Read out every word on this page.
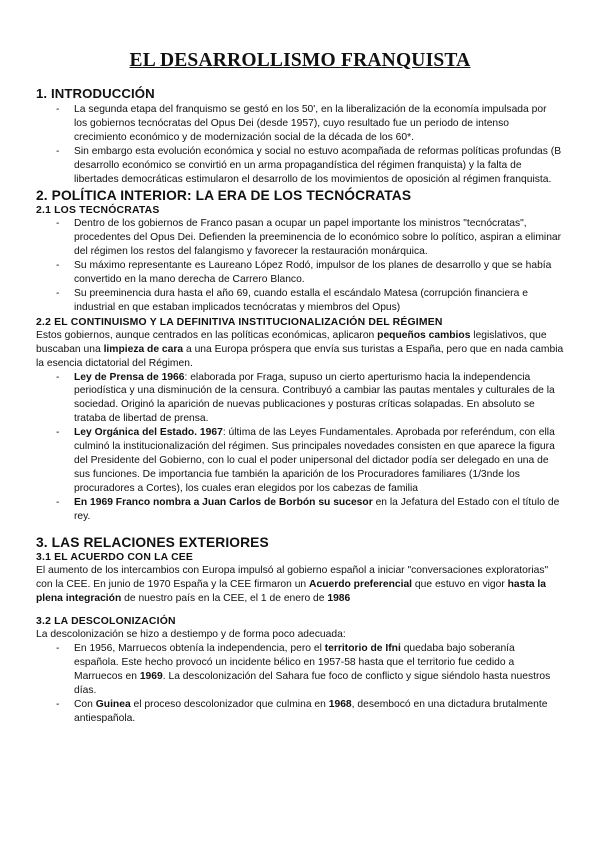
EL DESARROLLISMO FRANQUISTA
1. INTRODUCCIÓN
- La segunda etapa del franquismo se gestó en los 50', en la liberalización de la economía impulsada por los gobiernos tecnócratas del Opus Dei (desde 1957), cuyo resultado fue un periodo de intenso crecimiento económico y de modernización social de la década de los 60*.
- Sin embargo esta evolución económica y social no estuvo acompañada de reformas políticas profundas (B desarrollo económico se convirtió en un arma propagandística del régimen franquista) y la falta de libertades democráticas estimularon el desarrollo de los movimientos de oposición al régimen franquista.
2. POLÍTICA INTERIOR: LA ERA DE LOS TECNÓCRATAS
2.1 LOS TECNÓCRATAS
- Dentro de los gobiernos de Franco pasan a ocupar un papel importante los ministros "tecnócratas", procedentes del Opus Dei. Defienden la preeminencia de lo económico sobre lo político, aspiran a eliminar del régimen los restos del falangismo y favorecer la restauración monárquica.
- Su máximo representante es Laureano López Rodó, impulsor de los planes de desarrollo y que se había convertido en la mano derecha de Carrero Blanco.
- Su preeminencia dura hasta el año 69, cuando estalla el escándalo Matesa (corrupción financiera e industrial en que estaban implicados tecnócratas y miembros del Opus)
2.2 EL CONTINUISMO Y LA DEFINITIVA INSTITUCIONALIZACIÓN DEL RÉGIMEN

Estos gobiernos, aunque centrados en las políticas económicas, aplicaron pequeños cambios legislativos, que buscaban una limpieza de cara a una Europa próspera que envía sus turistas a España, pero que en nada cambia la esencia dictatorial del Régimen.

- Ley de Prensa de 1966: elaborada por Fraga, supuso un cierto aperturismo hacia la independencia periodística y una disminución de la censura. Contribuyó a cambiar las pautas mentales y culturales de la sociedad. Originó la aparición de nuevas publicaciones y posturas críticas solapadas. En absoluto se trataba de libertad de prensa.
- Ley Orgánica del Estado. 1967: última de las Leyes Fundamentales. Aprobada por referéndum, con ella culminó la institucionalización del régimen. Sus principales novedades consisten en que aparece la figura del Presidente del Gobierno, con lo cual el poder unipersonal del dictador podía ser delegado en una de sus funciones. De importancia fue también la aparición de los Procuradores familiares (1/3nde los procuradores a Cortes), los cuales eran elegidos por los cabezas de familia
- En 1969 Franco nombra a Juan Carlos de Borbón su sucesor en la Jefatura del Estado con el título de rey.
3. LAS RELACIONES EXTERIORES
3.1 EL ACUERDO CON LA CEE

El aumento de los intercambios con Europa impulsó al gobierno español a iniciar "conversaciones exploratorias" con la CEE. En junio de 1970 España y la CEE firmaron un Acuerdo preferencial que estuvo en vigor hasta la plena integración de nuestro país en la CEE, el 1 de enero de 1986

3.2 LA DESCOLONIZACIÓN

La descolonización se hizo a destiempo y de forma poco adecuada:

- En 1956, Marruecos obtenía la independencia, pero el territorio de Ifni quedaba bajo soberanía española. Este hecho provocó un incidente bélico en 1957-58 hasta que el territorio fue cedido a Marruecos en 1969. La descolonización del Sahara fue foco de conflicto y sigue siéndolo hasta nuestros días.
- Con Guinea el proceso descolonizador que culmina en 1968, desembocó en una dictadura brutalmente antiespañola.
